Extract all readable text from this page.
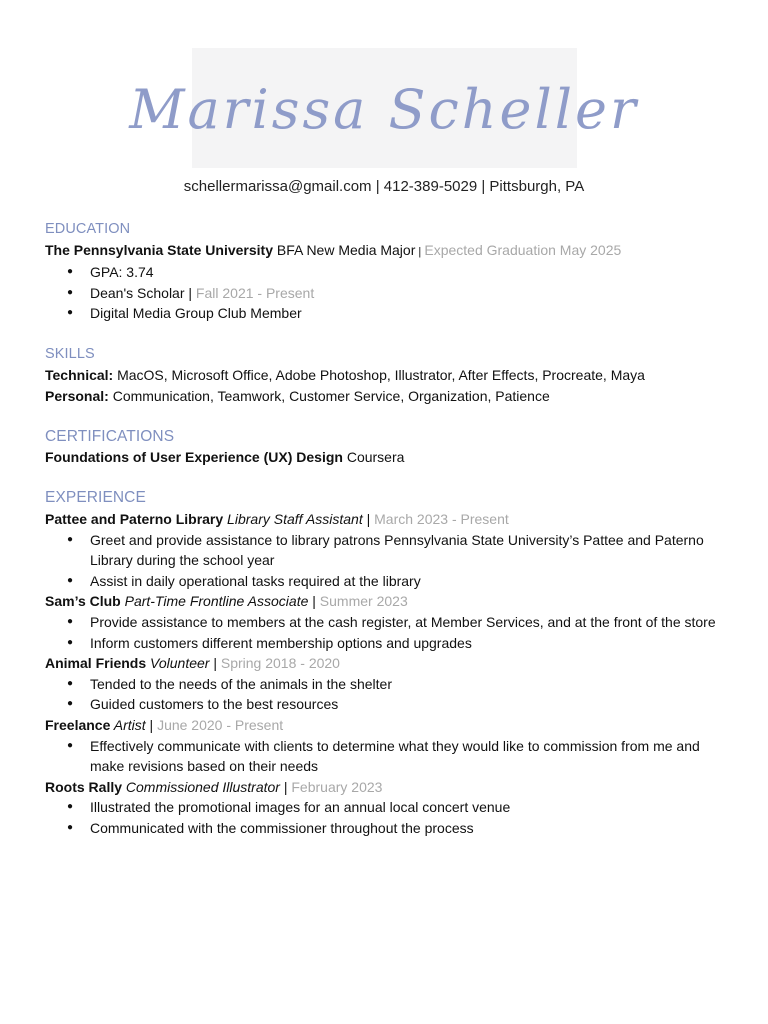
Marissa Scheller
schellermarissa@gmail.com | 412-389-5029 | Pittsburgh, PA
EDUCATION
The Pennsylvania State University BFA New Media Major | Expected Graduation May 2025
● GPA: 3.74
● Dean's Scholar | Fall 2021 - Present
● Digital Media Group Club Member
SKILLS
Technical: MacOS, Microsoft Office, Adobe Photoshop, Illustrator, After Effects, Procreate, Maya
Personal: Communication, Teamwork, Customer Service, Organization, Patience
CERTIFICATIONS
Foundations of User Experience (UX) Design Coursera
EXPERIENCE
Pattee and Paterno Library Library Staff Assistant | March 2023 - Present
● Greet and provide assistance to library patrons Pennsylvania State University’s Pattee and Paterno Library during the school year
● Assist in daily operational tasks required at the library
Sam’s Club Part-Time Frontline Associate | Summer 2023
● Provide assistance to members at the cash register, at Member Services, and at the front of the store
● Inform customers different membership options and upgrades
Animal Friends Volunteer | Spring 2018 - 2020
● Tended to the needs of the animals in the shelter
● Guided customers to the best resources
Freelance Artist | June 2020 - Present
● Effectively communicate with clients to determine what they would like to commission from me and make revisions based on their needs
Roots Rally Commissioned Illustrator | February 2023
● Illustrated the promotional images for an annual local concert venue
● Communicated with the commissioner throughout the process
